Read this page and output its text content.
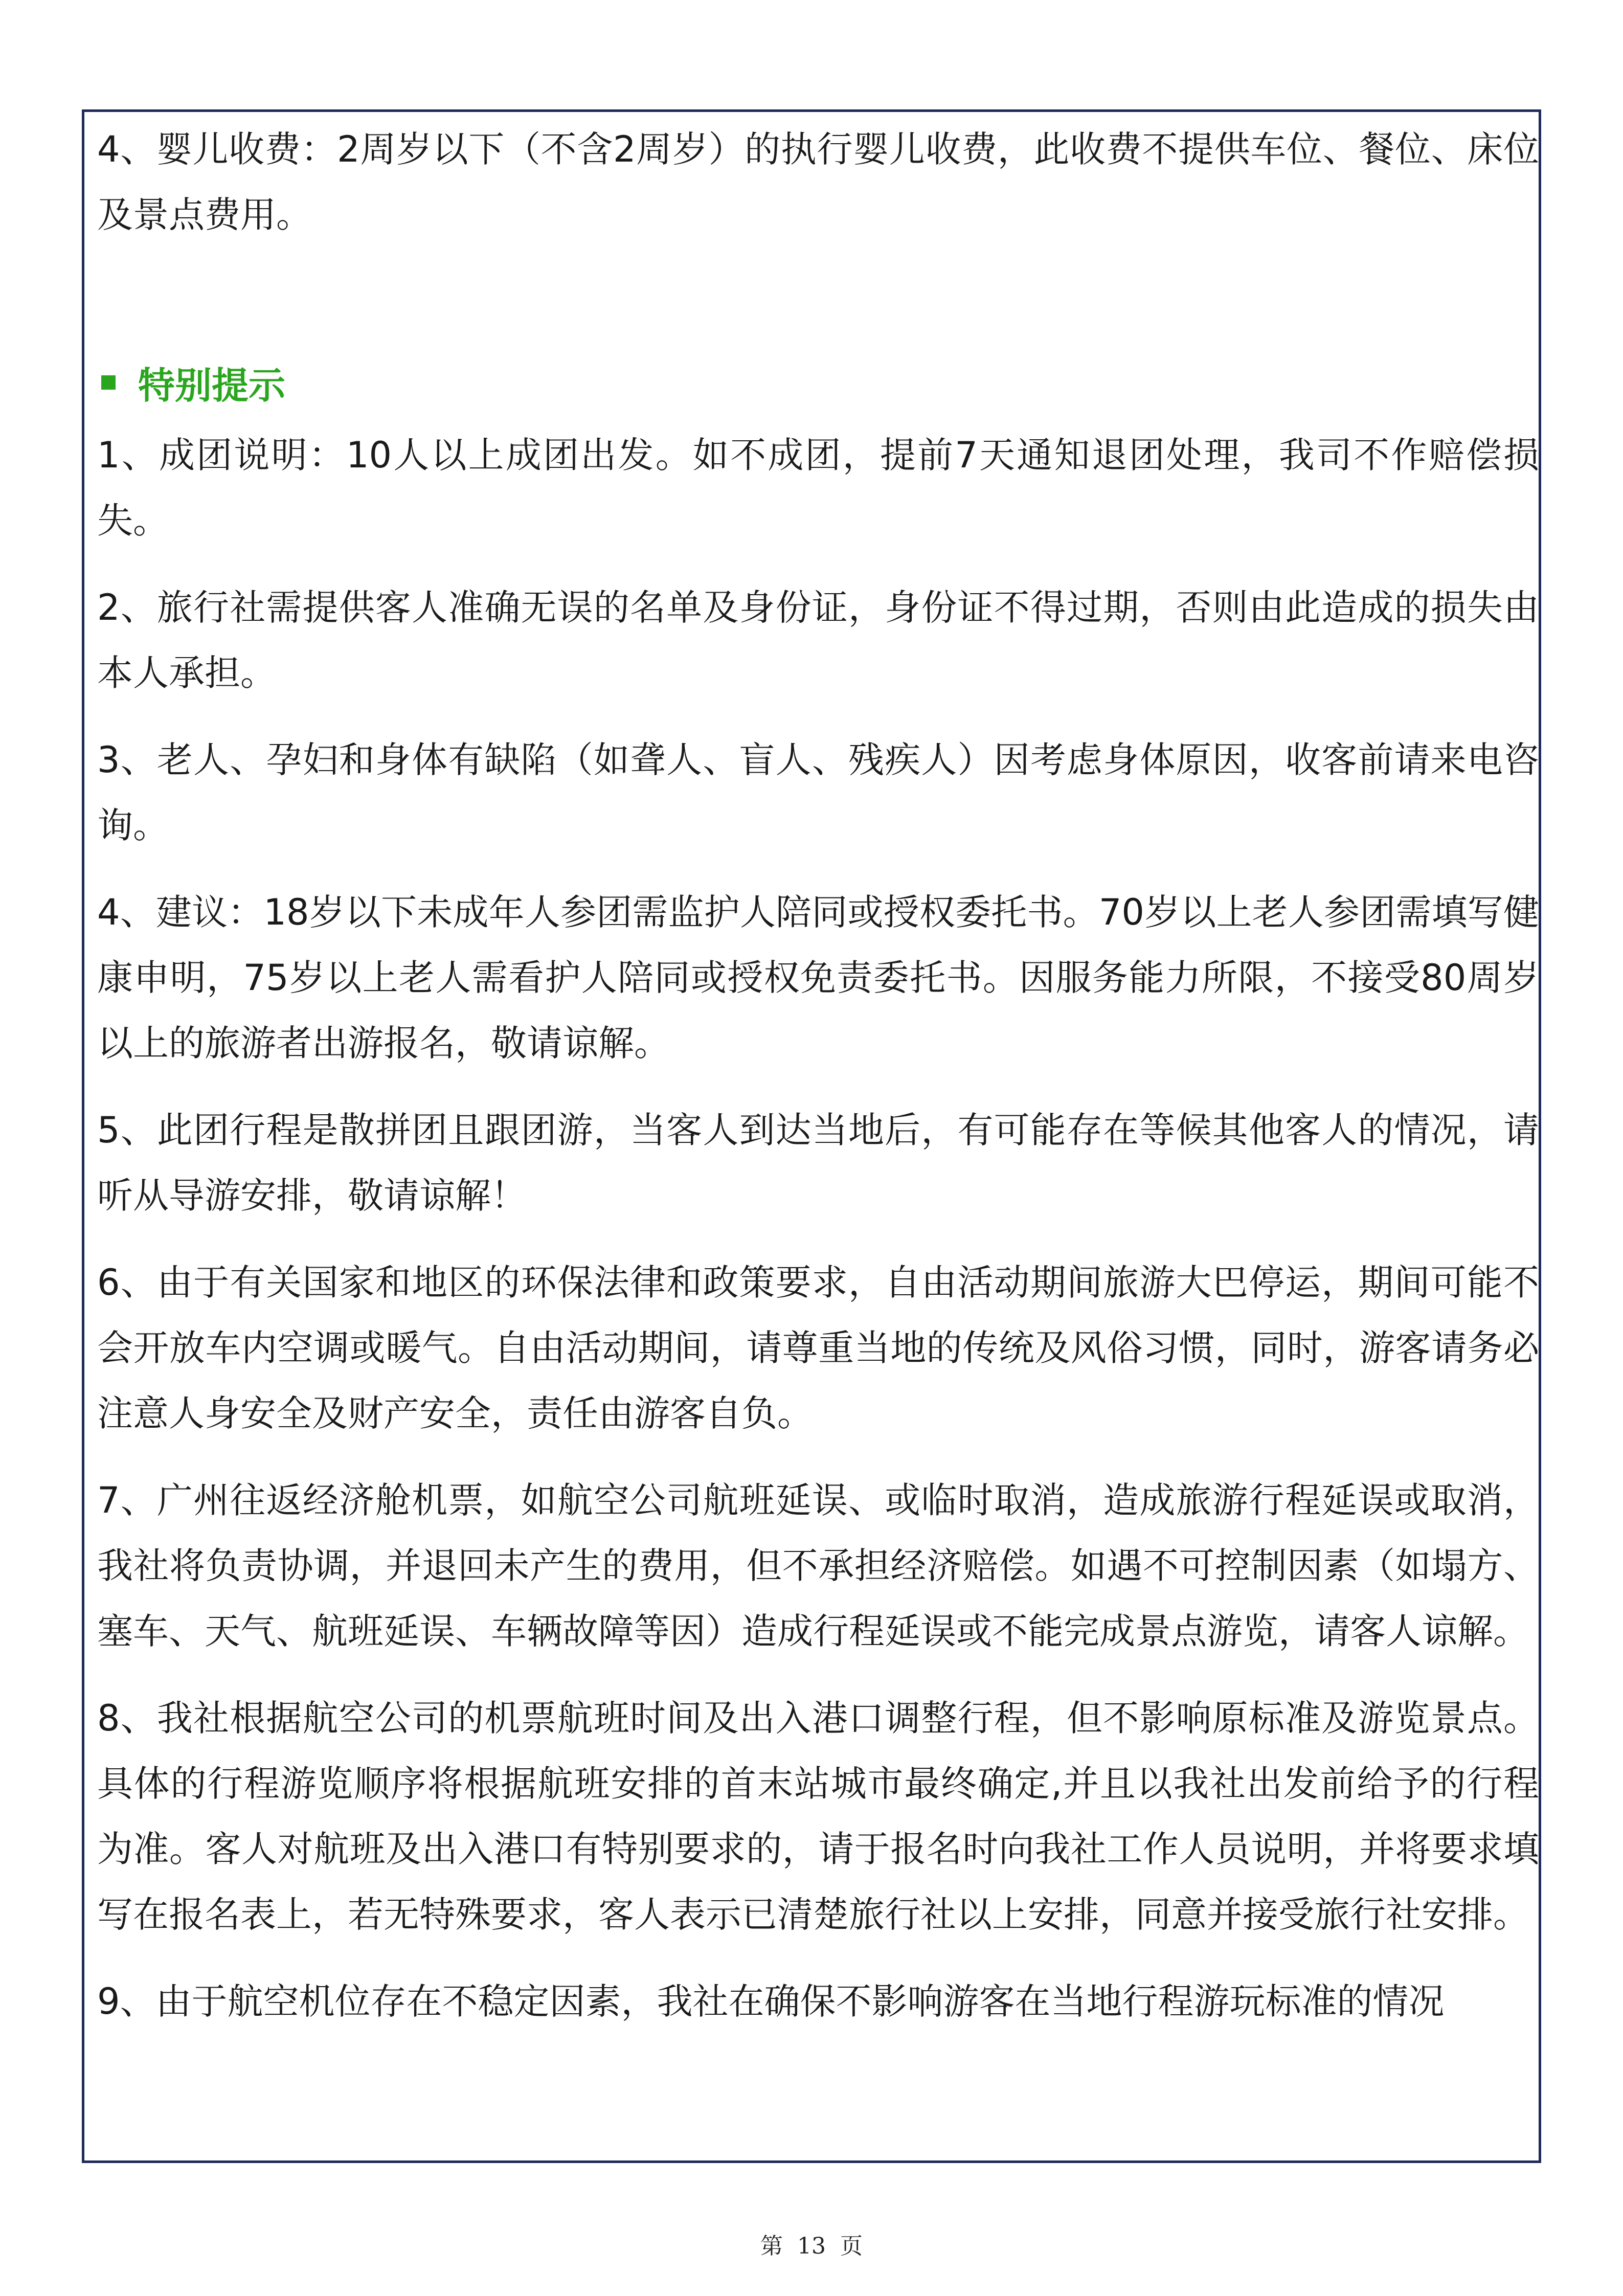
4、婴儿收费：2周岁以下（不含2周岁）的执行婴儿收费，此收费不提供车位、餐位、床位及景点费用。

特别提示

1、成团说明：10人以上成团出发。如不成团，提前7天通知退团处理，我司不作赔偿损失。

2、旅行社需提供客人准确无误的名单及身份证，身份证不得过期，否则由此造成的损失由本人承担。

3、老人、孕妇和身体有缺陷（如聋人、盲人、残疾人）因考虑身体原因，收客前请来电咨询。

4、建议：18岁以下未成年人参团需监护人陪同或授权委托书。70岁以上老人参团需填写健康申明，75岁以上老人需看护人陪同或授权免责委托书。因服务能力所限，不接受80周岁以上的旅游者出游报名，敬请谅解。

5、此团行程是散拼团且跟团游，当客人到达当地后，有可能存在等候其他客人的情况，请听从导游安排，敬请谅解！

6、由于有关国家和地区的环保法律和政策要求，自由活动期间旅游大巴停运，期间可能不会开放车内空调或暖气。自由活动期间，请尊重当地的传统及风俗习惯，同时，游客请务必注意人身安全及财产安全，责任由游客自负。

7、广州往返经济舱机票，如航空公司航班延误、或临时取消，造成旅游行程延误或取消，我社将负责协调，并退回未产生的费用，但不承担经济赔偿。如遇不可控制因素（如塌方、塞车、天气、航班延误、车辆故障等因）造成行程延误或不能完成景点游览，请客人谅解。

8、我社根据航空公司的机票航班时间及出入港口调整行程，但不影响原标准及游览景点。具体的行程游览顺序将根据航班安排的首末站城市最终确定,并且以我社出发前给予的行程为准。客人对航班及出入港口有特别要求的，请于报名时向我社工作人员说明，并将要求填写在报名表上，若无特殊要求，客人表示已清楚旅行社以上安排，同意并接受旅行社安排。

9、由于航空机位存在不稳定因素，我社在确保不影响游客在当地行程游玩标准的情况

第 13 页
